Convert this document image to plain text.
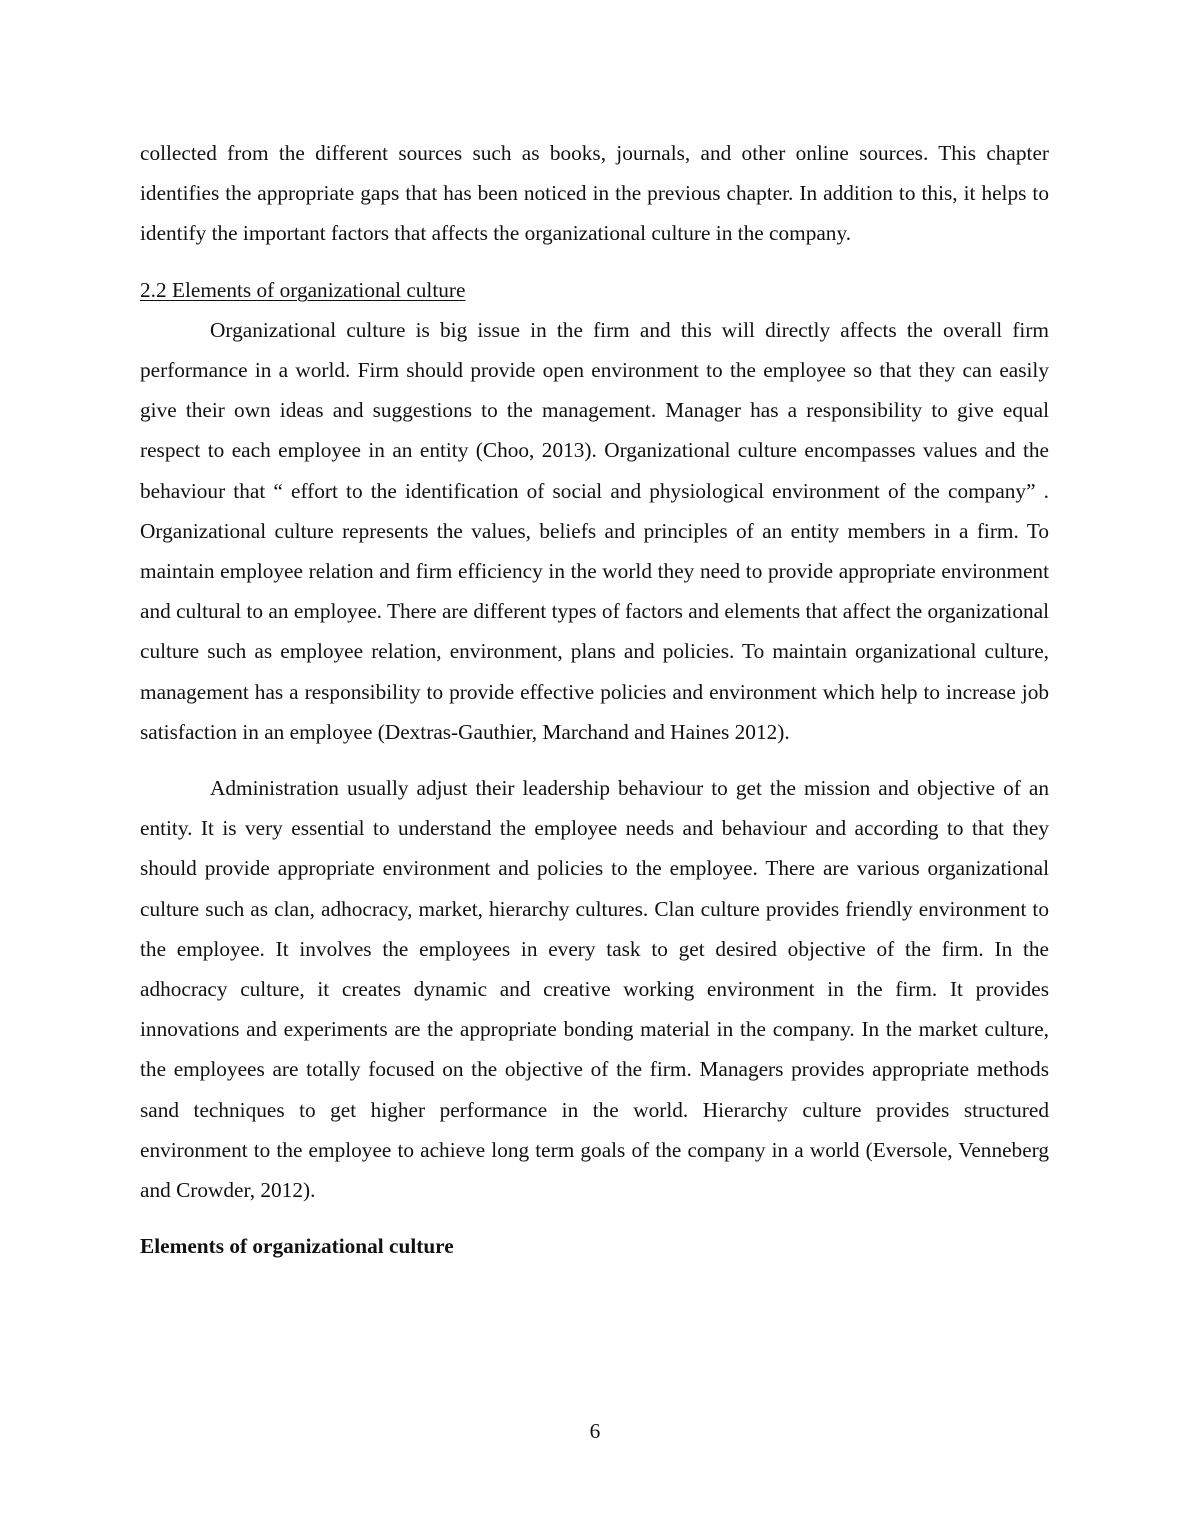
collected from the different sources such as books, journals, and other online sources. This chapter identifies the appropriate gaps that has been noticed in the previous chapter. In addition to this, it helps to identify the important factors that affects the organizational culture in the company.

2.2 Elements of organizational culture

Organizational culture is big issue in the firm and this will directly affects the overall firm performance in a world. Firm should provide open environment to the employee so that they can easily give their own ideas and suggestions to the management. Manager has a responsibility to give equal respect to each employee in an entity (Choo, 2013). Organizational culture encompasses values and the behaviour that “ effort to the identification of social and physiological environment of the company” . Organizational culture represents the values, beliefs and principles of an entity members in a firm. To maintain employee relation and firm efficiency in the world they need to provide appropriate environment and cultural to an employee. There are different types of factors and elements that affect the organizational culture such as employee relation, environment, plans and policies. To maintain organizational culture, management has a responsibility to provide effective policies and environment which help to increase job satisfaction in an employee (Dextras-Gauthier, Marchand and Haines 2012).

Administration usually adjust their leadership behaviour to get the mission and objective of an entity. It is very essential to understand the employee needs and behaviour and according to that they should provide appropriate environment and policies to the employee. There are various organizational culture such as clan, adhocracy, market, hierarchy cultures. Clan culture provides friendly environment to the employee. It involves the employees in every task to get desired objective of the firm. In the adhocracy culture, it creates dynamic and creative working environment in the firm. It provides innovations and experiments are the appropriate bonding material in the company. In the market culture, the employees are totally focused on the objective of the firm. Managers provides appropriate methods sand techniques to get higher performance in the world. Hierarchy culture provides structured environment to the employee to achieve long term goals of the company in a world (Eversole, Venneberg and Crowder, 2012).

Elements of organizational culture

6
